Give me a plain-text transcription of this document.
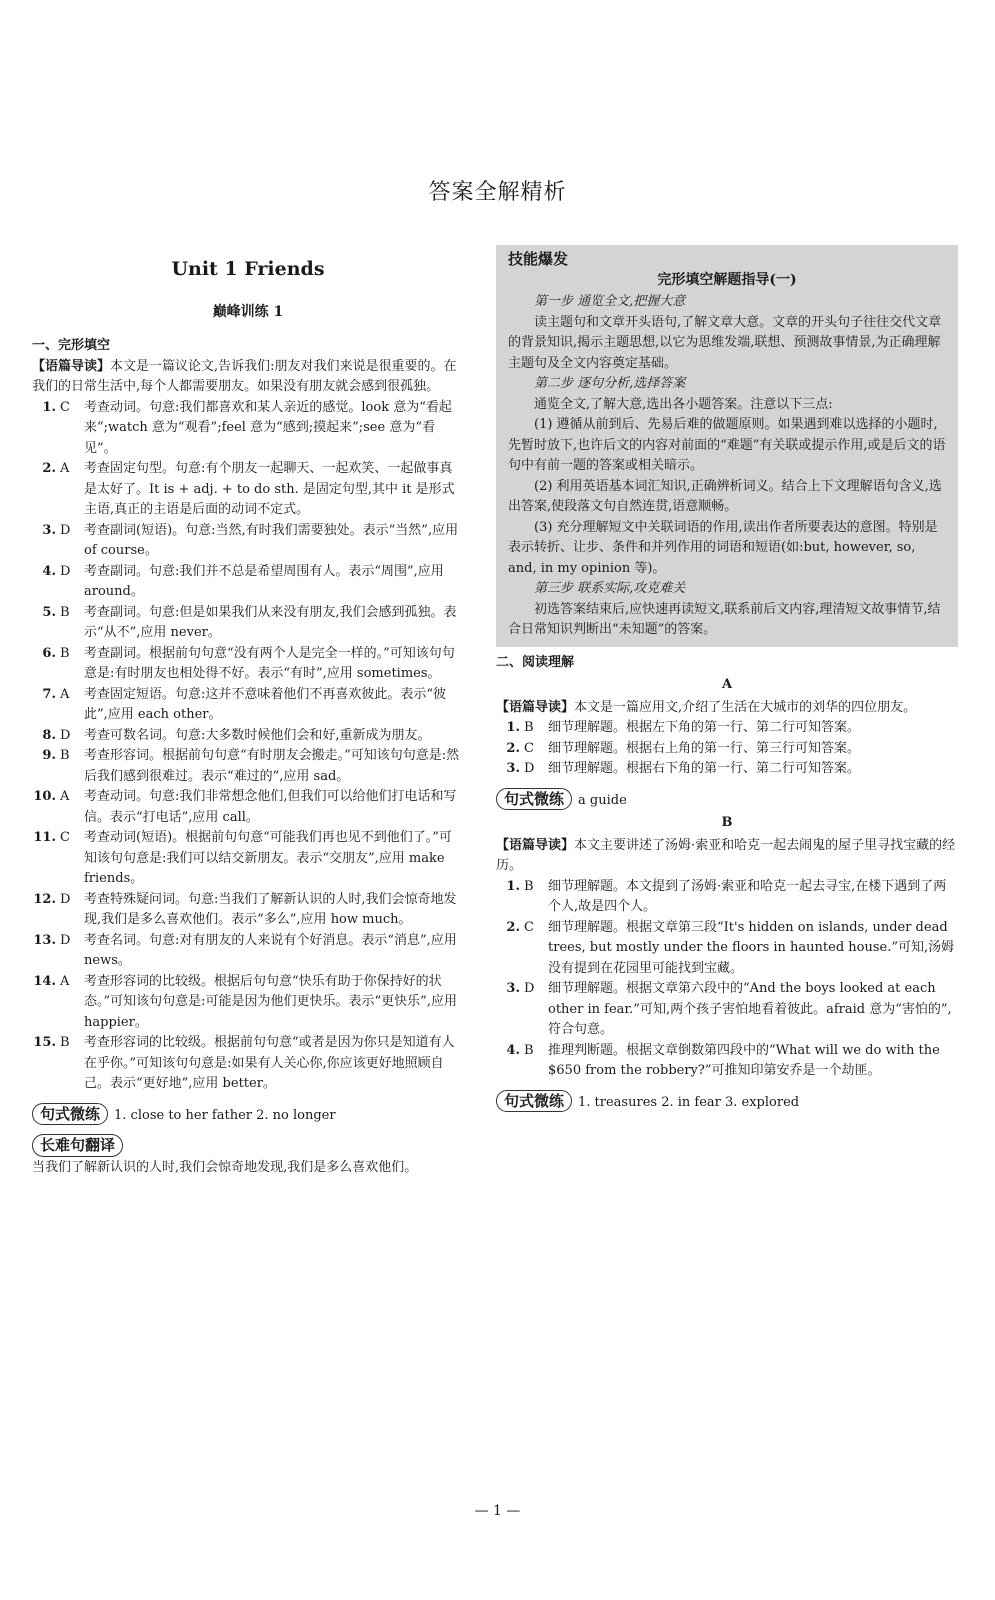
答案全解精析
Unit 1 Friends
巅峰训练 1
一、完形填空
【语篇导读】本文是一篇议论文,告诉我们:朋友对我们来说是很重要的。在我们的日常生活中,每个人都需要朋友。如果没有朋友就会感到很孤独。
1. C	考查动词。句意:我们都喜欢和某人亲近的感觉。look 意为“看起来”;watch 意为“观看”;feel 意为“感到;摸起来”;see 意为“看见”。
2. A	考查固定句型。句意:有个朋友一起聊天、一起欢笑、一起做事真是太好了。It is + adj. + to do sth. 是固定句型,其中 it 是形式主语,真正的主语是后面的动词不定式。
3. D	考查副词(短语)。句意:当然,有时我们需要独处。表示“当然”,应用 of course。
4. D	考查副词。句意:我们并不总是希望周围有人。表示“周围”,应用 around。
5. B	考查副词。句意:但是如果我们从来没有朋友,我们会感到孤独。表示“从不”,应用 never。
6. B	考查副词。根据前句句意“没有两个人是完全一样的。”可知该句句意是:有时朋友也相处得不好。表示“有时”,应用 sometimes。
7. A	考查固定短语。句意:这并不意味着他们不再喜欢彼此。表示“彼此”,应用 each other。
8. D	考查可数名词。句意:大多数时候他们会和好,重新成为朋友。
9. B	考查形容词。根据前句句意“有时朋友会搬走。”可知该句句意是:然后我们感到很难过。表示“难过的”,应用 sad。
10. A	考查动词。句意:我们非常想念他们,但我们可以给他们打电话和写信。表示“打电话”,应用 call。
11. C	考查动词(短语)。根据前句句意“可能我们再也见不到他们了。”可知该句句意是:我们可以结交新朋友。表示“交朋友”,应用 make friends。
12. D	考查特殊疑问词。句意:当我们了解新认识的人时,我们会惊奇地发现,我们是多么喜欢他们。表示“多么”,应用 how much。
13. D	考查名词。句意:对有朋友的人来说有个好消息。表示“消息”,应用 news。
14. A	考查形容词的比较级。根据后句句意“快乐有助于你保持好的状态。”可知该句句意是:可能是因为他们更快乐。表示“更快乐”,应用 happier。
15. B	考查形容词的比较级。根据前句句意“或者是因为你只是知道有人在乎你。”可知该句句意是:如果有人关心你,你应该更好地照顾自己。表示“更好地”,应用 better。
句式微练 1. close to her father 2. no longer
长难句翻译
当我们了解新认识的人时,我们会惊奇地发现,我们是多么喜欢他们。
技能爆发
完形填空解题指导(一)

第一步 通览全文,把握大意

读主题句和文章开头语句,了解文章大意。文章的开头句子往往交代文章的背景知识,揭示主题思想,以它为思维发端,联想、预测故事情景,为正确理解主题句及全文内容奠定基础。

第二步 逐句分析,选择答案

通览全文,了解大意,选出各小题答案。注意以下三点:

(1) 遵循从前到后、先易后难的做题原则。如果遇到难以选择的小题时,先暂时放下,也许后文的内容对前面的“难题”有关联或提示作用,或是后文的语句中有前一题的答案或相关暗示。

(2) 利用英语基本词汇知识,正确辨析词义。结合上下文理解语句含义,选出答案,使段落文句自然连贯,语意顺畅。

(3) 充分理解短文中关联词语的作用,读出作者所要表达的意图。特别是表示转折、让步、条件和并列作用的词语和短语(如:but, however, so, and, in my opinion 等)。

第三步 联系实际,攻克难关

初选答案结束后,应快速再读短文,联系前后文内容,理清短文故事情节,结合日常知识判断出“未知题”的答案。

二、阅读理解
A
【语篇导读】本文是一篇应用文,介绍了生活在大城市的刘华的四位朋友。
1. B	细节理解题。根据左下角的第一行、第二行可知答案。
2. C	细节理解题。根据右上角的第一行、第三行可知答案。
3. D	细节理解题。根据右下角的第一行、第二行可知答案。
句式微练 a guide
B
【语篇导读】本文主要讲述了汤姆·索亚和哈克一起去闹鬼的屋子里寻找宝藏的经历。
1. B	细节理解题。本文提到了汤姆·索亚和哈克一起去寻宝,在楼下遇到了两个人,故是四个人。
2. C	细节理解题。根据文章第三段“It's hidden on islands, under dead trees, but mostly under the floors in haunted house.”可知,汤姆没有提到在花园里可能找到宝藏。
3. D	细节理解题。根据文章第六段中的“And the boys looked at each other in fear.”可知,两个孩子害怕地看着彼此。afraid 意为“害怕的”,符合句意。
4. B	推理判断题。根据文章倒数第四段中的“What will we do with the $650 from the robbery?”可推知印第安乔是一个劫匪。
句式微练 1. treasures 2. in fear 3. explored
— 1 —
